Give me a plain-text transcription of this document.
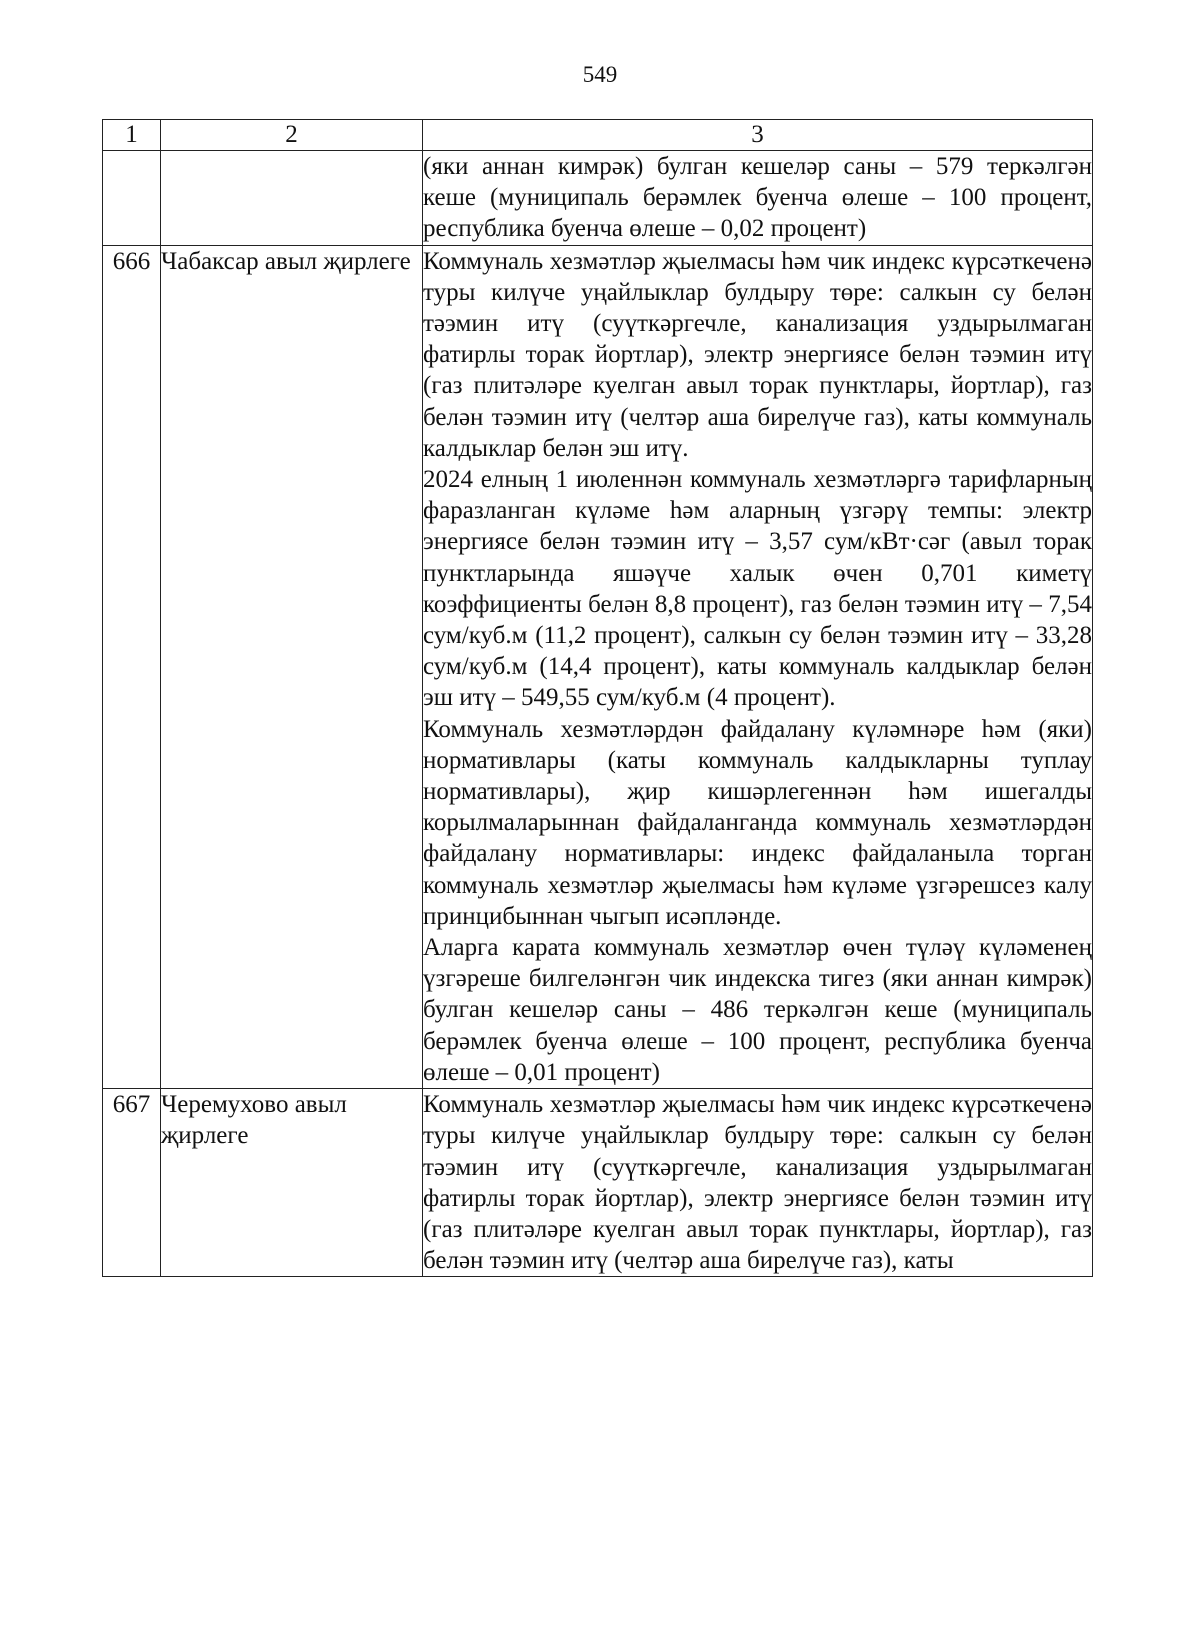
549
1	2	3

		(яки аннан кимрәк) булган кешеләр саны – 579 теркәлгән кеше (муниципаль берәмлек буенча өлеше – 100 процент, республика буенча өлеше – 0,02 процент)

666	Чабаксар авыл җирлеге	Коммуналь хезмәтләр җыелмасы һәм чик индекс күрсәткеченә туры килүче уңайлыклар булдыру төре: салкын су белән тәэмин итү (суүткәргечле, канализация уздырылмаган фатирлы торак йортлар), электр энергиясе белән тәэмин итү (газ плитәләре куелган авыл торак пунктлары, йортлар), газ белән тәэмин итү (челтәр аша бирелүче газ), каты коммуналь калдыклар белән эш итү.
2024 елның 1 июленнән коммуналь хезмәтләргә тарифларның фаразланган күләме һәм аларның үзгәрү темпы: электр энергиясе белән тәэмин итү – 3,57 сум/кВт·сәг (авыл торак пунктларында яшәүче халык өчен 0,701 киметү коэффициенты белән 8,8 процент), газ белән тәэмин итү – 7,54 сум/куб.м (11,2 процент), салкын су белән тәэмин итү – 33,28 сум/куб.м (14,4 процент), каты коммуналь калдыклар белән эш итү – 549,55 сум/куб.м (4 процент).
Коммуналь хезмәтләрдән файдалану күләмнәре һәм (яки) нормативлары (каты коммуналь калдыкларны туплау нормативлары), җир кишәрлегеннән һәм ишегалды корылмаларыннан файдаланганда коммуналь хезмәтләрдән файдалану нормативлары: индекс файдаланыла торган коммуналь хезмәтләр җыелмасы һәм күләме үзгәрешсез калу принцибыннан чыгып исәпләнде.
Аларга карата коммуналь хезмәтләр өчен түләү күләменең үзгәреше билгеләнгән чик индекска тигез (яки аннан кимрәк) булган кешеләр саны – 486 теркәлгән кеше (муниципаль берәмлек буенча өлеше – 100 процент, республика буенча өлеше – 0,01 процент)

667	Черемухово авыл җирлеге	Коммуналь хезмәтләр җыелмасы һәм чик индекс күрсәткеченә туры килүче уңайлыклар булдыру төре: салкын су белән тәэмин итү (суүткәргечле, канализация уздырылмаган фатирлы торак йортлар), электр энергиясе белән тәэмин итү (газ плитәләре куелган авыл торак пунктлары, йортлар), газ белән тәэмин итү (челтәр аша бирелүче газ), каты
